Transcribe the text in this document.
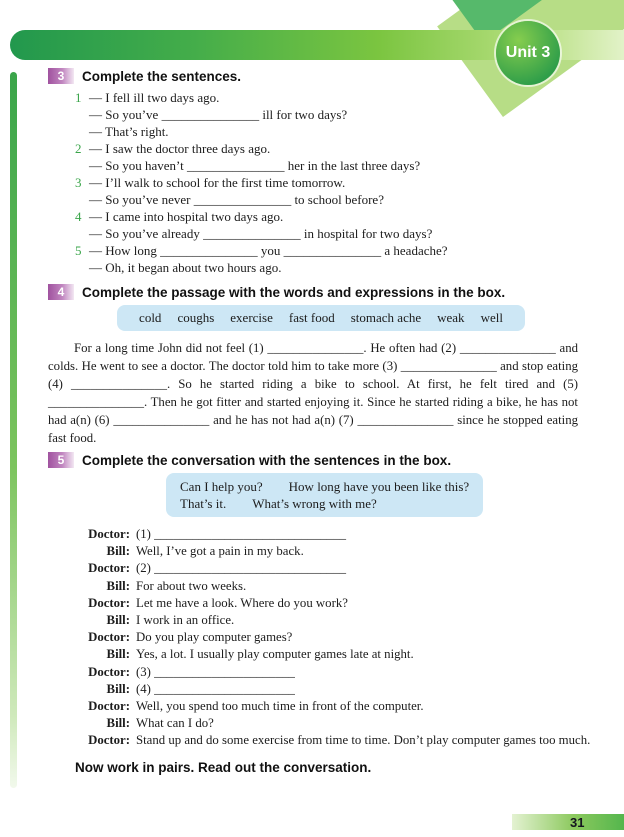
Unit 3
3	Complete the sentences.
1 — I fell ill two days ago.
— So you’ve _______________ ill for two days?
— That’s right.
2 — I saw the doctor three days ago.
— So you haven’t _______________ her in the last three days?
3 — I’ll walk to school for the first time tomorrow.
— So you’ve never _______________ to school before?
4 — I came into hospital two days ago.
— So you’ve already _______________ in hospital for two days?
5 — How long _______________ you _______________ a headache?
— Oh, it began about two hours ago.
4	Complete the passage with the words and expressions in the box.
cold coughs exercise fast food stomach ache weak well
For a long time John did not feel (1) _______________. He often had (2) _______________ and colds. He went to see a doctor. The doctor told him to take more (3) _______________ and stop eating (4) _______________. So he started riding a bike to school. At first, he felt tired and (5) _______________. Then he got fitter and started enjoying it. Since he started riding a bike, he has not had a(n) (6) _______________ and he has not had a(n) (7) _______________ since he stopped eating fast food.
5	Complete the conversation with the sentences in the box.
Can I help you? How long have you been like this?
That’s it. What’s wrong with me?
Doctor: (1) ______________________________
Bill: Well, I’ve got a pain in my back.
Doctor: (2) ______________________________
Bill: For about two weeks.
Doctor: Let me have a look. Where do you work?
Bill: I work in an office.
Doctor: Do you play computer games?
Bill: Yes, a lot. I usually play computer games late at night.
Doctor: (3) ______________________
Bill: (4) ______________________
Doctor: Well, you spend too much time in front of the computer.
Bill: What can I do?
Doctor: Stand up and do some exercise from time to time. Don’t play computer games too much.
Now work in pairs. Read out the conversation.
31
